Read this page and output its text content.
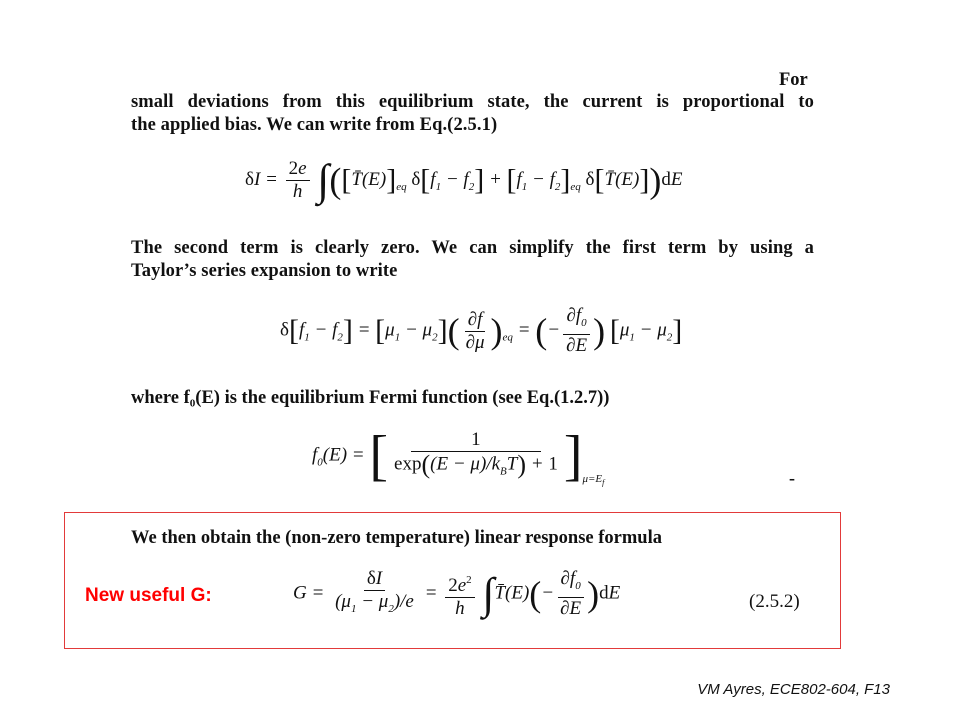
For
small deviations from this equilibrium state, the current is proportional to
the applied bias. We can write from Eq.(2.5.1)
$\delta I = \frac{2e}{h}$ $\int([T̄(E)]_{eq}$ $\delta[f_1 - f_2] + [f_1 - f_2]_{eq}$ δ[T̄(E)])dE
The second term is clearly zero. We can simplify the first term by using a
Taylor’s series expansion to write
$\delta[f_1 - f_2] = [\mu_1 - \mu_2]( \frac{\partial f}{\partial\mu} )_{eq}$ = (− $\frac{\partial f_0}{\partial E}$ ) $[\mu_1 - \mu_2]$
where f₀(E) is the equilibrium Fermi function (see Eq.(1.2.7))
$f_0(E)$ = [ $\frac{1}{\exp((E - \mu)/k_BT) + 1} ]_{\mu=E_f}$	-
We then obtain the (non-zero temperature) linear response formula
New useful G:	$G = \frac{\delta I}{(\mu_1 - \mu_2)/e} = \frac{2e^2}{h}$ ∫T̄(E)(− $\frac{\partial f_0}{\partial E} )dE$	(2.5.2)
VM Ayres, ECE802-604, F13
